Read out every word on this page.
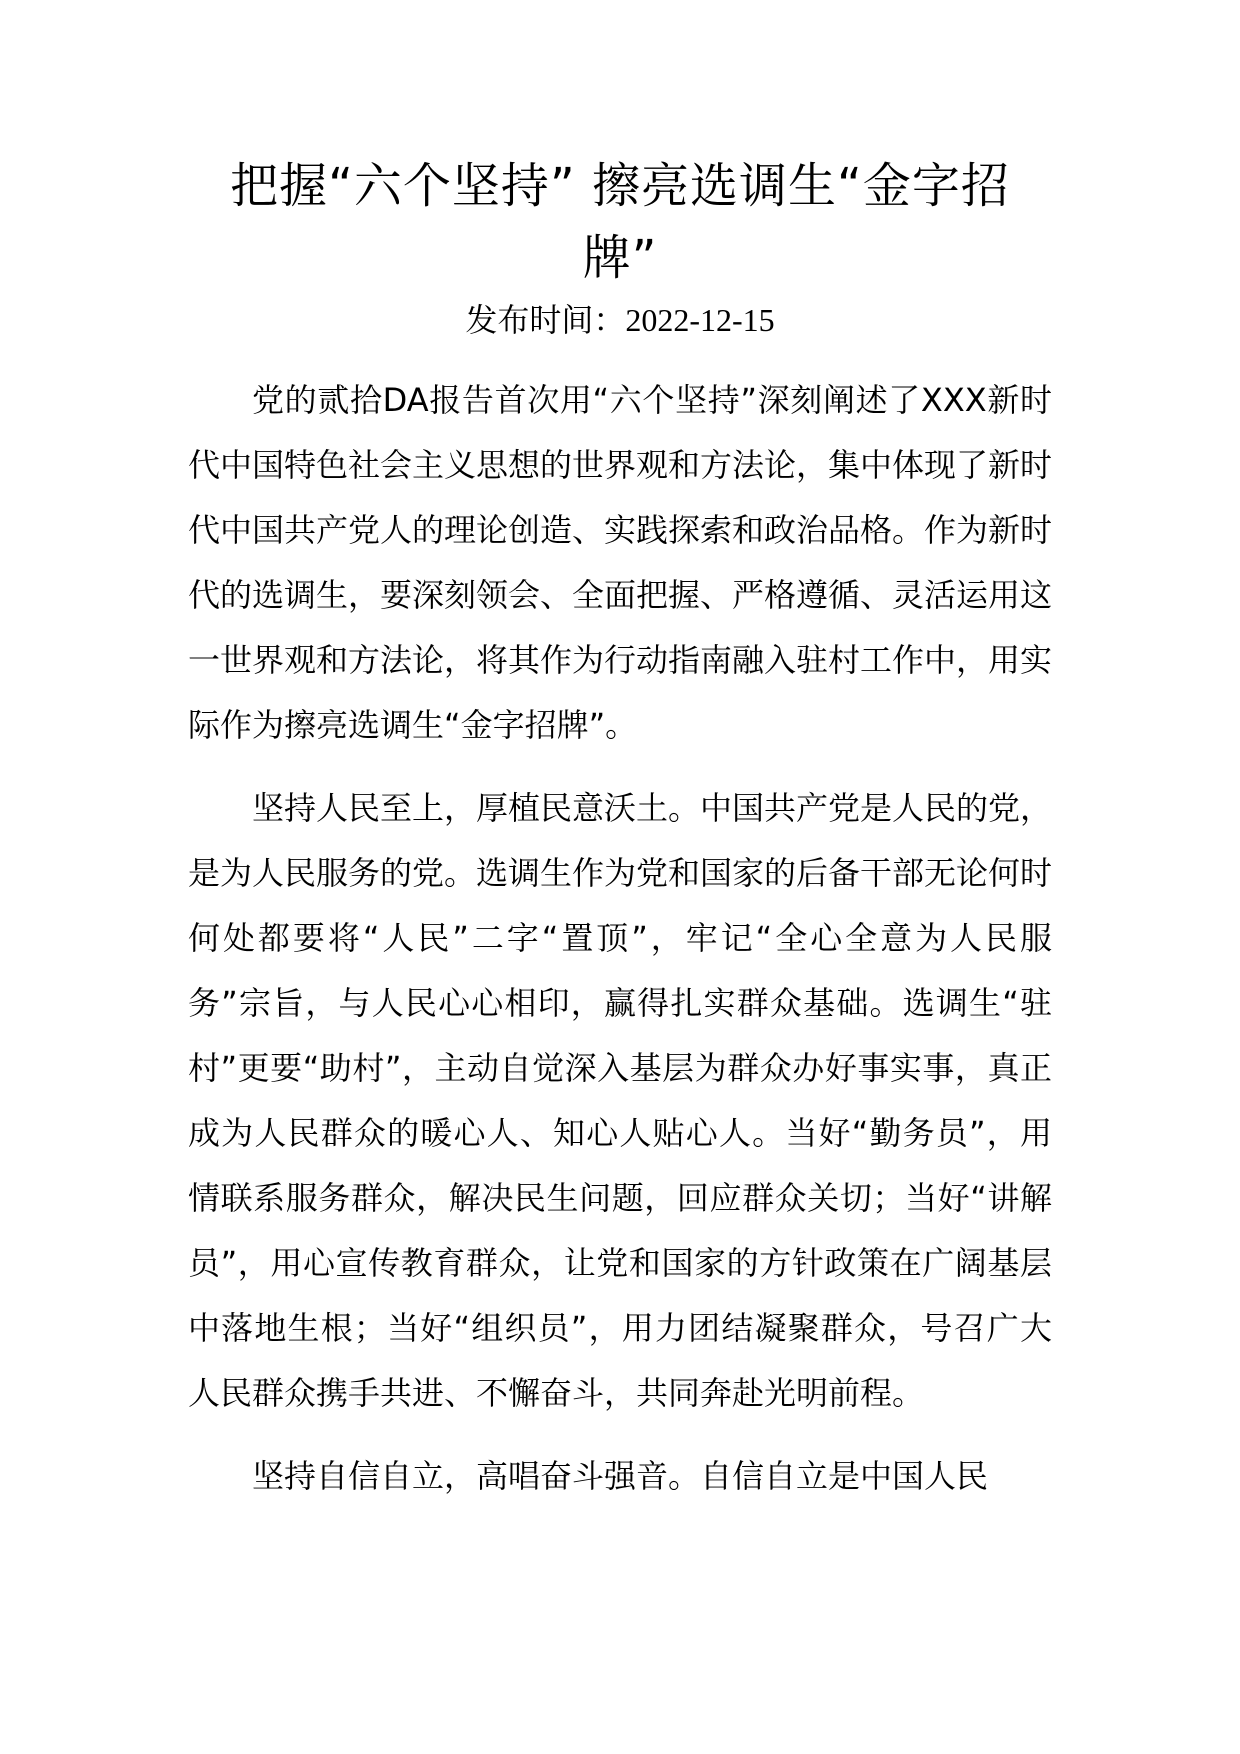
把握“六个坚持” 擦亮选调生“金字招牌”
发布时间：2022-12-15

党的贰拾DA报告首次用“六个坚持”深刻阐述了XXX新时代中国特色社会主义思想的世界观和方法论，集中体现了新时代中国共产党人的理论创造、实践探索和政治品格。作为新时代的选调生，要深刻领会、全面把握、严格遵循、灵活运用这一世界观和方法论，将其作为行动指南融入驻村工作中，用实际作为擦亮选调生“金字招牌”。

坚持人民至上，厚植民意沃土。中国共产党是人民的党，是为人民服务的党。选调生作为党和国家的后备干部无论何时何处都要将“人民”二字“置顶”，牢记“全心全意为人民服务”宗旨，与人民心心相印，赢得扎实群众基础。选调生“驻村”更要“助村”，主动自觉深入基层为群众办好事实事，真正成为人民群众的暖心人、知心人贴心人。当好“勤务员”，用情联系服务群众，解决民生问题，回应群众关切；当好“讲解员”，用心宣传教育群众，让党和国家的方针政策在广阔基层中落地生根；当好“组织员”，用力团结凝聚群众，号召广大人民群众携手共进、不懈奋斗，共同奔赴光明前程。

坚持自信自立，高唱奋斗强音。自信自立是中国人民
